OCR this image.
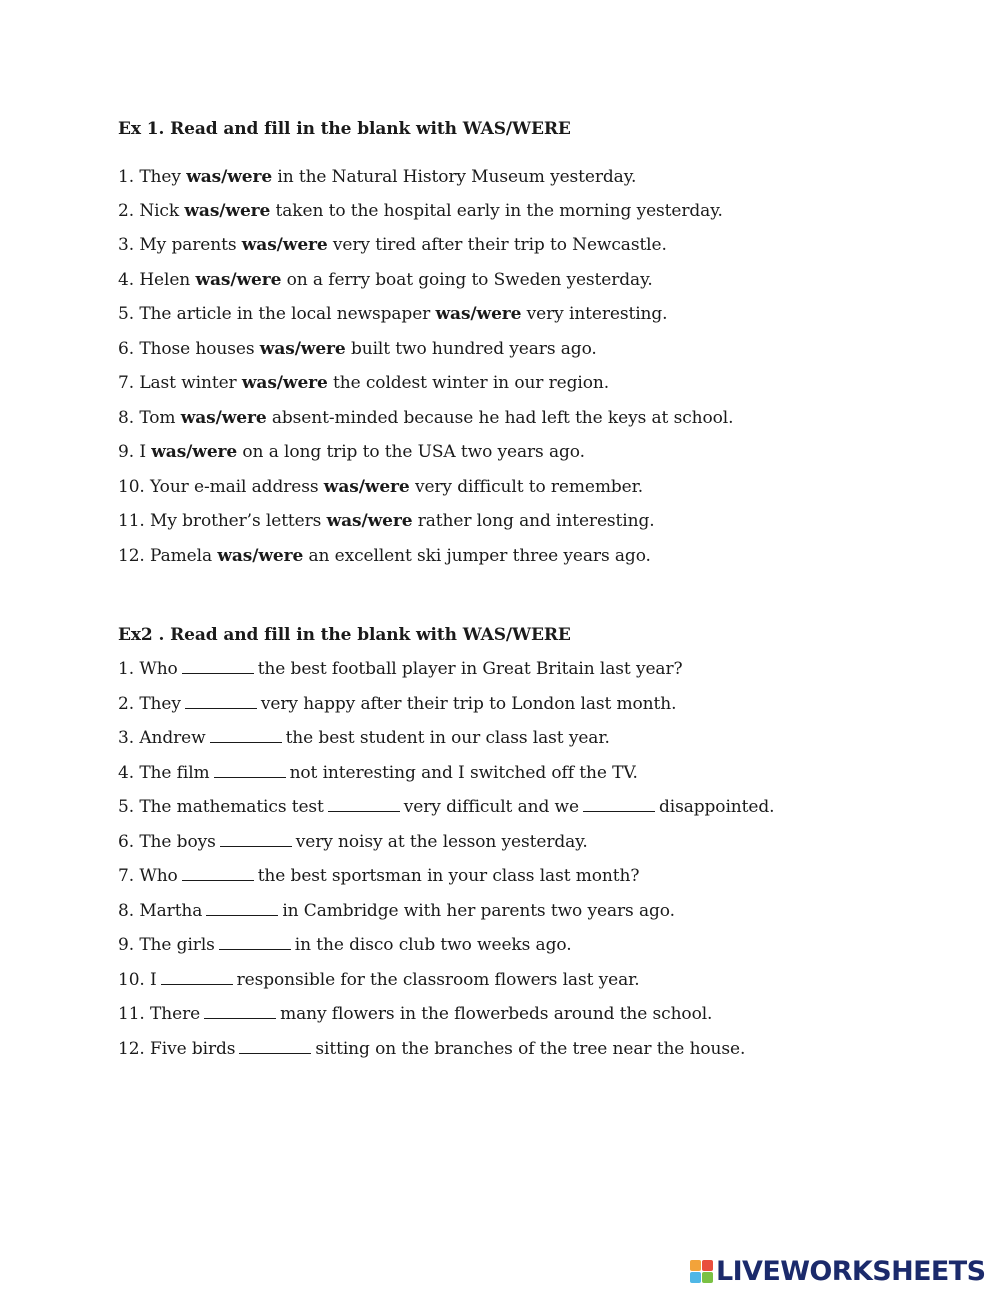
Ex 1. Read and fill in the blank with WAS/WERE
1. They was/were in the Natural History Museum yesterday.
2. Nick was/were taken to the hospital early in the morning yesterday.
3. My parents was/were very tired after their trip to Newcastle.
4. Helen was/were on a ferry boat going to Sweden yesterday.
5. The article in the local newspaper was/were very interesting.
6. Those houses was/were built two hundred years ago.
7. Last winter was/were the coldest winter in our region.
8. Tom was/were absent-minded because he had left the keys at school.
9. I was/were on a long trip to the USA two years ago.
10. Your e-mail address was/were very difficult to remember.
11. My brother’s letters was/were rather long and interesting.
12. Pamela was/were an excellent ski jumper three years ago.
Ex2 . Read and fill in the blank with WAS/WERE
1. Who	the best football player in Great Britain last year?
2. They	very happy after their trip to London last month.
3. Andrew	the best student in our class last year.
4. The film	not interesting and I switched off the TV.
5. The mathematics test	very difficult and we	disappointed.
6. The boys	very noisy at the lesson yesterday.
7. Who	the best sportsman in your class last month?
8. Martha	in Cambridge with her parents two years ago.
9. The girls	in the disco club two weeks ago.
10. I	responsible for the classroom flowers last year.
11. There	many flowers in the flowerbeds around the school.
12. Five birds	sitting on the branches of the tree near the house.
LIVEWORKSHEETS
